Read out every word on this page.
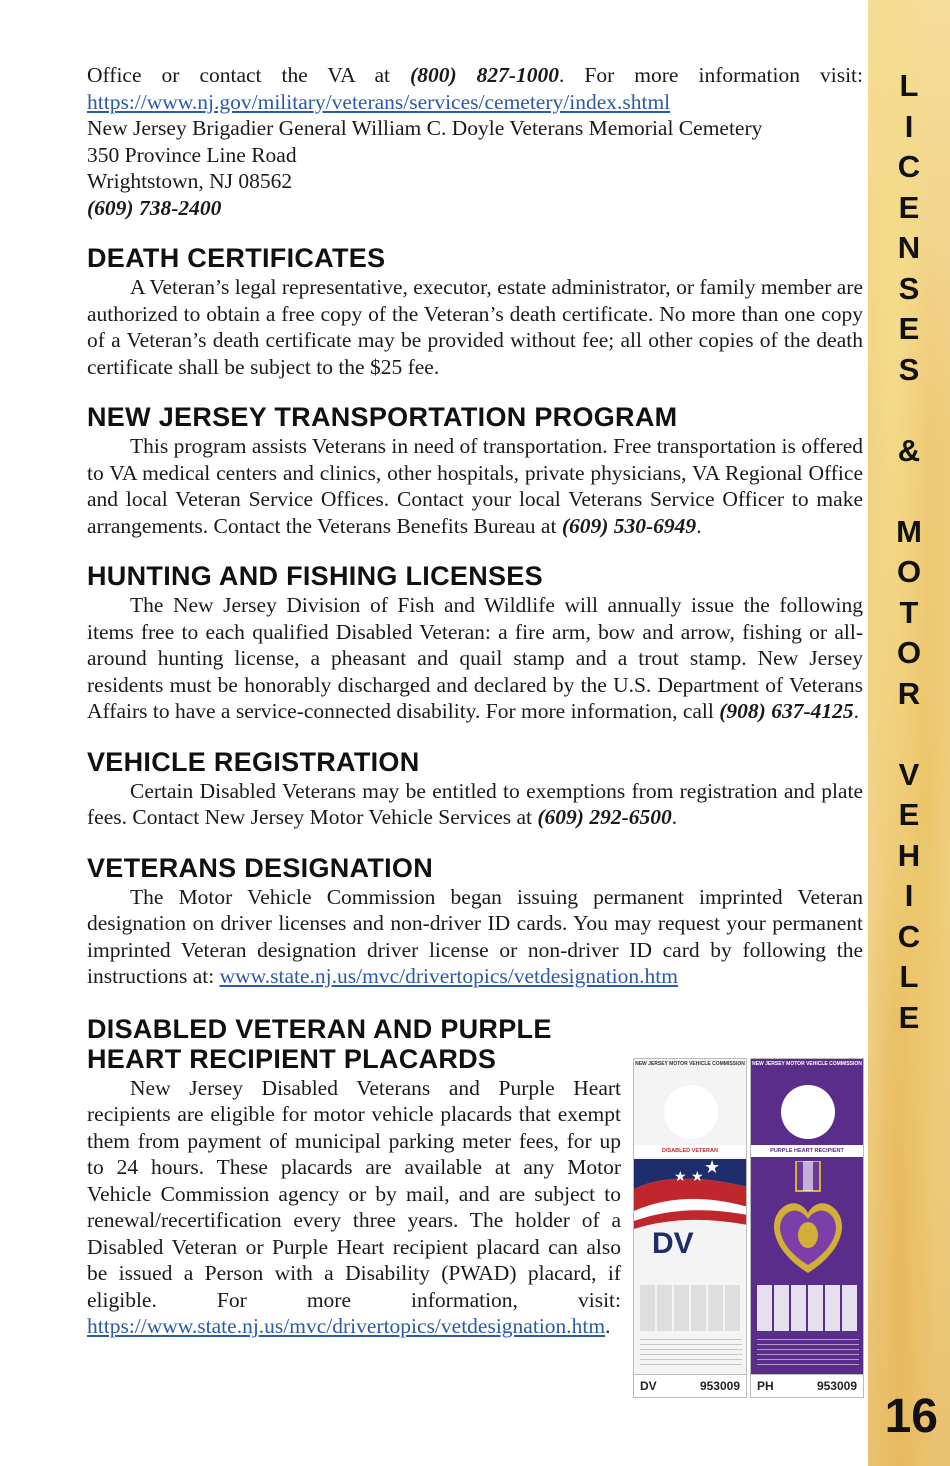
Office or contact the VA at (800) 827-1000. For more information visit: https://www.nj.gov/military/veterans/services/cemetery/index.shtml

New Jersey Brigadier General William C. Doyle Veterans Memorial Cemetery
350 Province Line Road
Wrightstown, NJ 08562
(609) 738-2400

DEATH CERTIFICATES

A Veteran’s legal representative, executor, estate administrator, or family member are authorized to obtain a free copy of the Veteran’s death certificate. No more than one copy of a Veteran’s death certificate may be provided without fee; all other copies of the death certificate shall be subject to the $25 fee.

NEW JERSEY TRANSPORTATION PROGRAM

This program assists Veterans in need of transportation. Free transportation is offered to VA medical centers and clinics, other hospitals, private physicians, VA Regional Office and local Veteran Service Offices. Contact your local Veterans Service Officer to make arrangements. Contact the Veterans Benefits Bureau at (609) 530-6949.

HUNTING AND FISHING LICENSES

The New Jersey Division of Fish and Wildlife will annually issue the following items free to each qualified Disabled Veteran: a fire arm, bow and arrow, fishing or all-around hunting license, a pheasant and quail stamp and a trout stamp. New Jersey residents must be honorably discharged and declared by the U.S. Department of Veterans Affairs to have a service-connected disability. For more information, call (908) 637-4125.

VEHICLE REGISTRATION

Certain Disabled Veterans may be entitled to exemptions from registration and plate fees. Contact New Jersey Motor Vehicle Services at (609) 292-6500.

VETERANS DESIGNATION

The Motor Vehicle Commission began issuing permanent imprinted Veteran designation on driver licenses and non-driver ID cards. You may request your permanent imprinted Veteran designation driver license or non-driver ID card by following the instructions at: www.state.nj.us/mvc/drivertopics/vetdesignation.htm

DISABLED VETERAN AND PURPLE
HEART RECIPIENT PLACARDS

New Jersey Disabled Veterans and Purple Heart recipients are eligible for motor vehicle placards that exempt them from payment of municipal parking meter fees, for up to 24 hours. These placards are available at any Motor Vehicle Commission agency or by mail, and are subject to renewal/recertification every three years. The holder of a Disabled Veteran or Purple Heart recipient placard can also be issued a Person with a Disability (PWAD) placard, if eligible. For more information, visit: https://www.state.nj.us/mvc/drivertopics/vetdesignation.htm.

NEW JERSEY MOTOR VEHICLE COMMISSION
DISABLED VETERAN
★ ★ ★
DV
DV	953009
NEW JERSEY MOTOR VEHICLE COMMISSION
PURPLE HEART RECIPIENT
PH	953009
L
I
C
E
N
S
E
S

&

M
O
T
O
R

V
E
H
I
C
L
E
16
